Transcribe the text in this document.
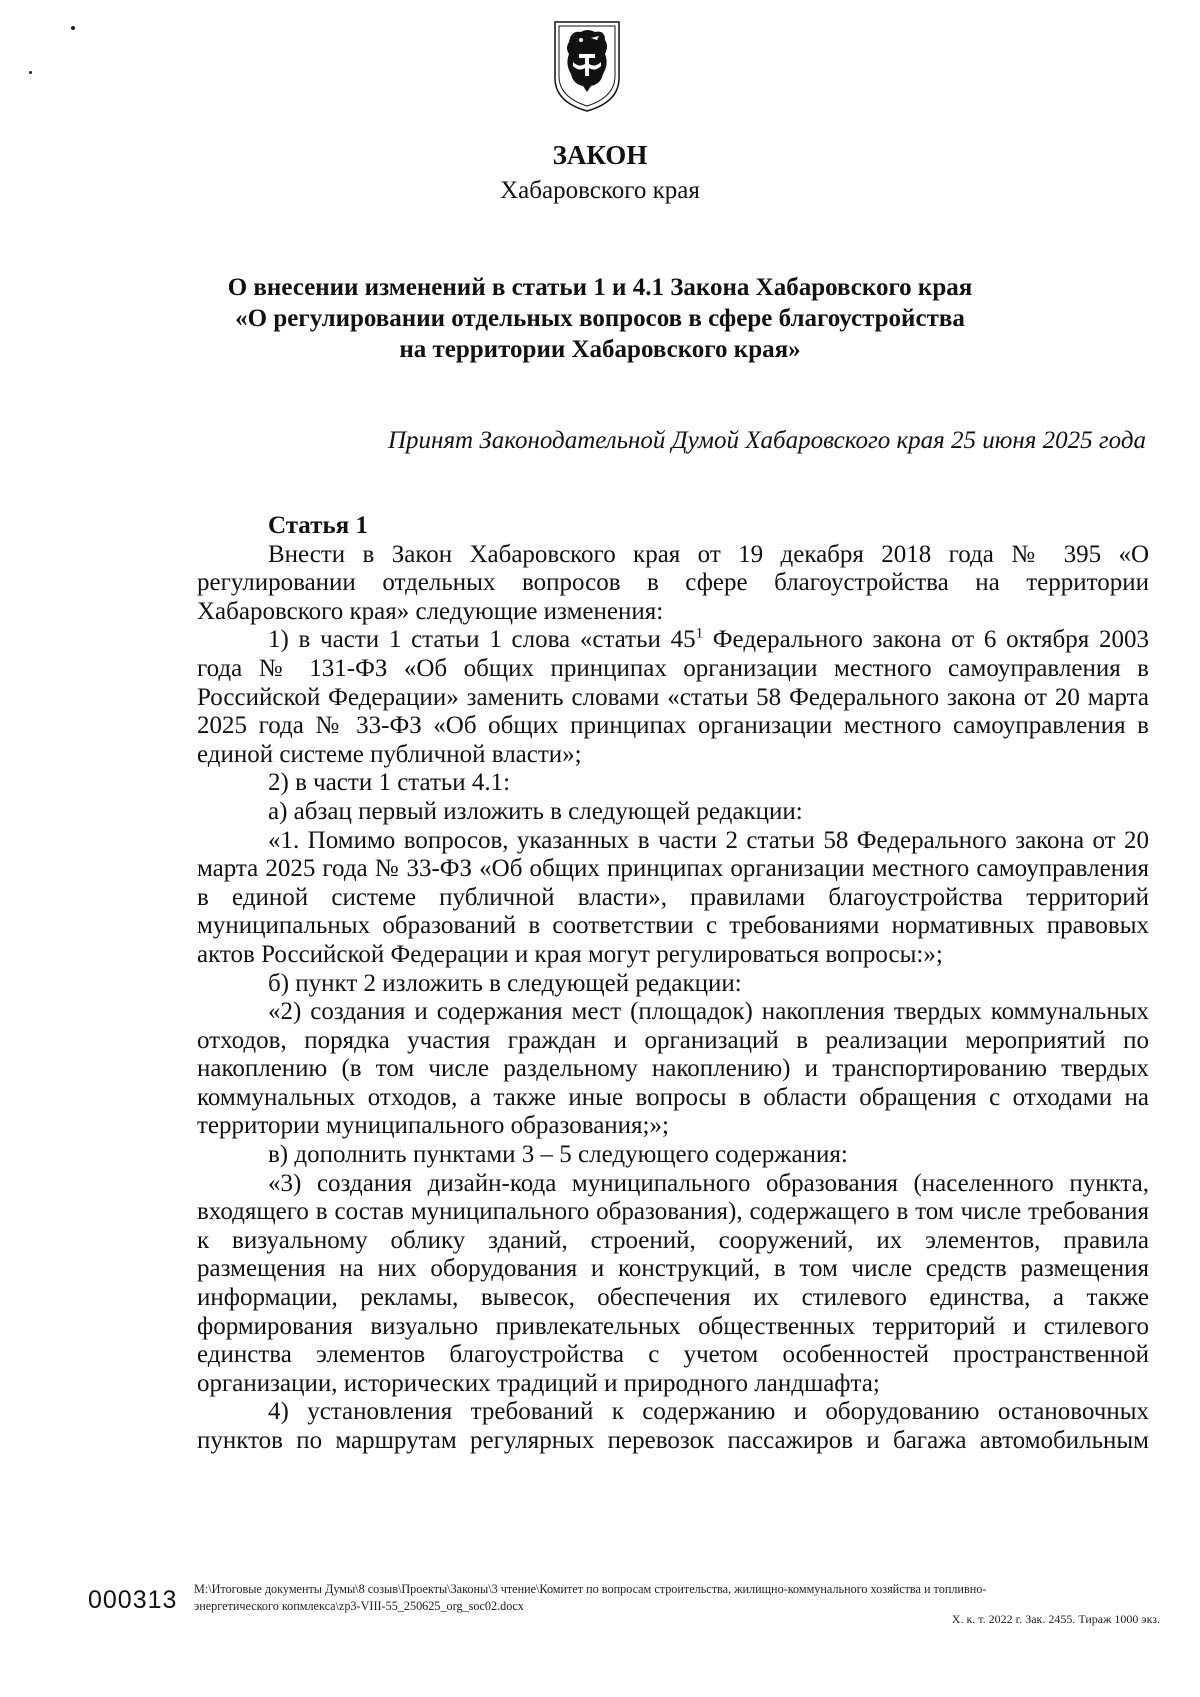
ЗАКОН
Хабаровского края
О внесении изменений в статьи 1 и 4.1 Закона Хабаровского края
«О регулировании отдельных вопросов в сфере благоустройства
на территории Хабаровского края»
Принят Законодательной Думой Хабаровского края 25 июня 2025 года
Статья 1

Внести в Закон Хабаровского края от 19 декабря 2018 года № 395 «О регулировании отдельных вопросов в сфере благоустройства на территории Хабаровского края» следующие изменения:

1) в части 1 статьи 1 слова «статьи $45^1$ Федерального закона от 6 октября 2003 года № 131-ФЗ «Об общих принципах организации местного самоуправления в Российской Федерации» заменить словами «статьи 58 Федерального закона от 20 марта 2025 года № 33-ФЗ «Об общих принципах организации местного самоуправления в единой системе публичной власти»;

2) в части 1 статьи 4.1:

а) абзац первый изложить в следующей редакции:

«1. Помимо вопросов, указанных в части 2 статьи 58 Федерального закона от 20 марта 2025 года № 33-ФЗ «Об общих принципах организации местного самоуправления в единой системе публичной власти», правилами благоустройства территорий муниципальных образований в соответствии с требованиями нормативных правовых актов Российской Федерации и края могут регулироваться вопросы:»;

б) пункт 2 изложить в следующей редакции:

«2) создания и содержания мест (площадок) накопления твердых коммунальных отходов, порядка участия граждан и организаций в реализации мероприятий по накоплению (в том числе раздельному накоплению) и транспортированию твердых коммунальных отходов, а также иные вопросы в области обращения с отходами на территории муниципального образования;»;

в) дополнить пунктами 3 – 5 следующего содержания:

«3) создания дизайн-кода муниципального образования (населенного пункта, входящего в состав муниципального образования), содержащего в том числе требования к визуальному облику зданий, строений, сооружений, их элементов, правила размещения на них оборудования и конструкций, в том числе средств размещения информации, рекламы, вывесок, обеспечения их стилевого единства, а также формирования визуально привлекательных общественных территорий и стилевого единства элементов благоустройства с учетом особенностей пространственной организации, исторических традиций и природного ландшафта;

4) установления требований к содержанию и оборудованию остановочных пунктов по маршрутам регулярных перевозок пассажиров и багажа автомобильным

000313 М:\Итоговые документы Думы\8 созыв\Проекты\Законы\3 чтение\Комитет по вопросам строительства, жилищно-коммунального хозяйства и топливно-
энергетического копмлекса\zp3-VIII-55_250625_org_soc02.docx
Х. к. т. 2022 г. Зак. 2455. Тираж 1000 экз.
